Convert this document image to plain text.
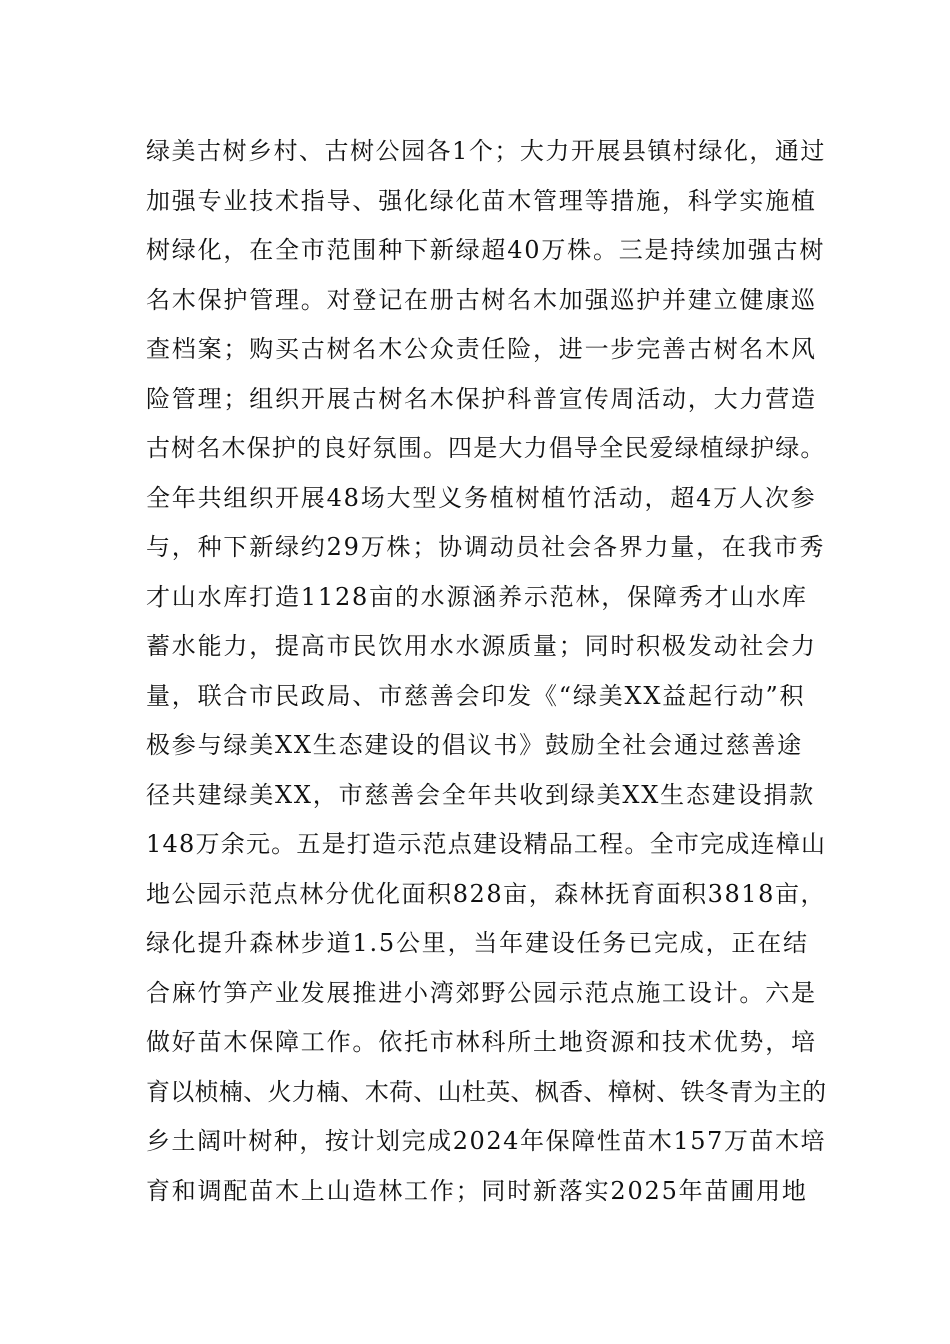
绿美古树乡村、古树公园各1个；大力开展县镇村绿化，通过
加强专业技术指导、强化绿化苗木管理等措施，科学实施植
树绿化，在全市范围种下新绿超40万株。三是持续加强古树
名木保护管理。对登记在册古树名木加强巡护并建立健康巡
查档案；购买古树名木公众责任险，进一步完善古树名木风
险管理；组织开展古树名木保护科普宣传周活动，大力营造
古树名木保护的良好氛围。四是大力倡导全民爱绿植绿护绿。
全年共组织开展48场大型义务植树植竹活动，超4万人次参
与，种下新绿约29万株；协调动员社会各界力量，在我市秀
才山水库打造1128亩的水源涵养示范林，保障秀才山水库
蓄水能力，提高市民饮用水水源质量；同时积极发动社会力
量，联合市民政局、市慈善会印发《“绿美XX益起行动”积
极参与绿美XX生态建设的倡议书》鼓励全社会通过慈善途
径共建绿美XX，市慈善会全年共收到绿美XX生态建设捐款
148万余元。五是打造示范点建设精品工程。全市完成连樟山
地公园示范点林分优化面积828亩，森林抚育面积3818亩，
绿化提升森林步道1.5公里，当年建设任务已完成，正在结
合麻竹笋产业发展推进小湾郊野公园示范点施工设计。六是
做好苗木保障工作。依托市林科所土地资源和技术优势，培
育以桢楠、火力楠、木荷、山杜英、枫香、樟树、铁冬青为主的
乡土阔叶树种，按计划完成2024年保障性苗木157万苗木培
育和调配苗木上山造林工作；同时新落实2025年苗圃用地
